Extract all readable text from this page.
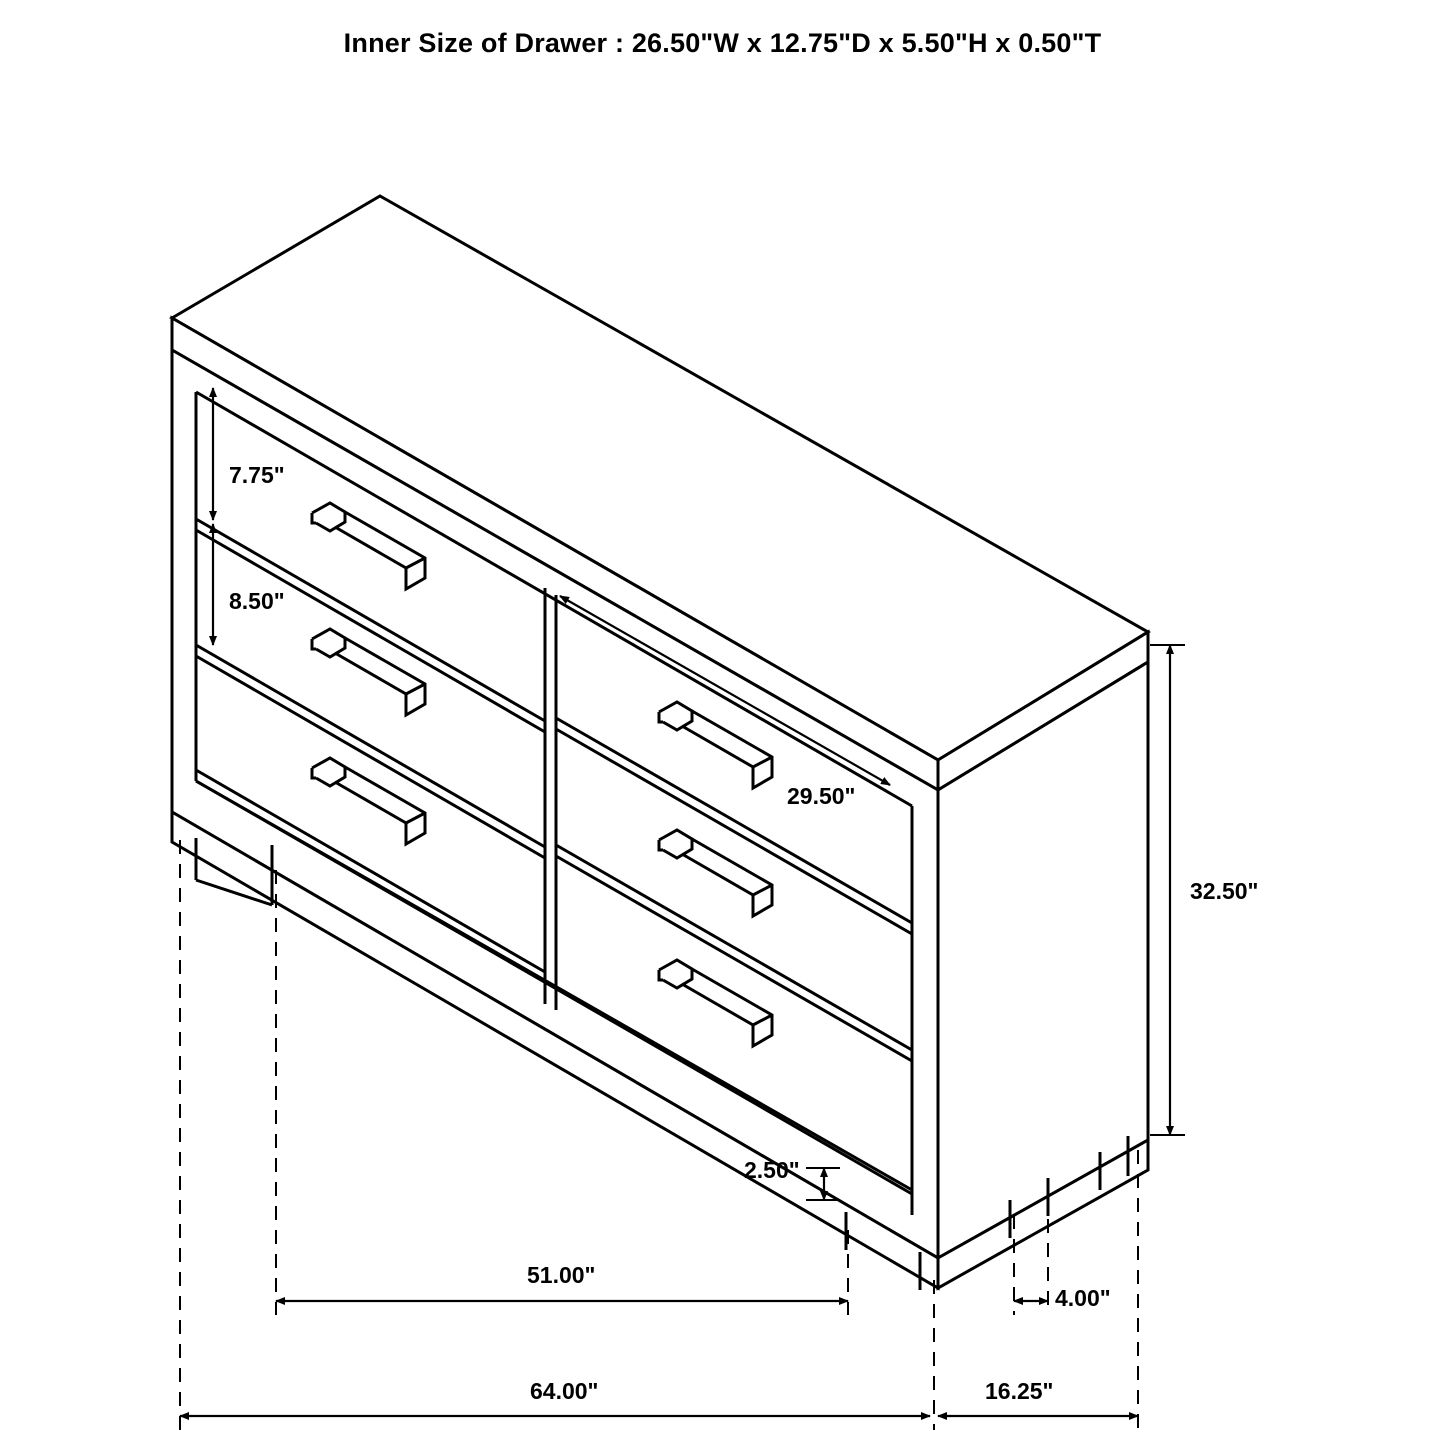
Inner Size of Drawer : 26.50"W x 12.75"D x 5.50"H x 0.50"T
7.75"
8.50"
29.50"
32.50"
2.50"
51.00"
64.00"
4.00"
16.25"
